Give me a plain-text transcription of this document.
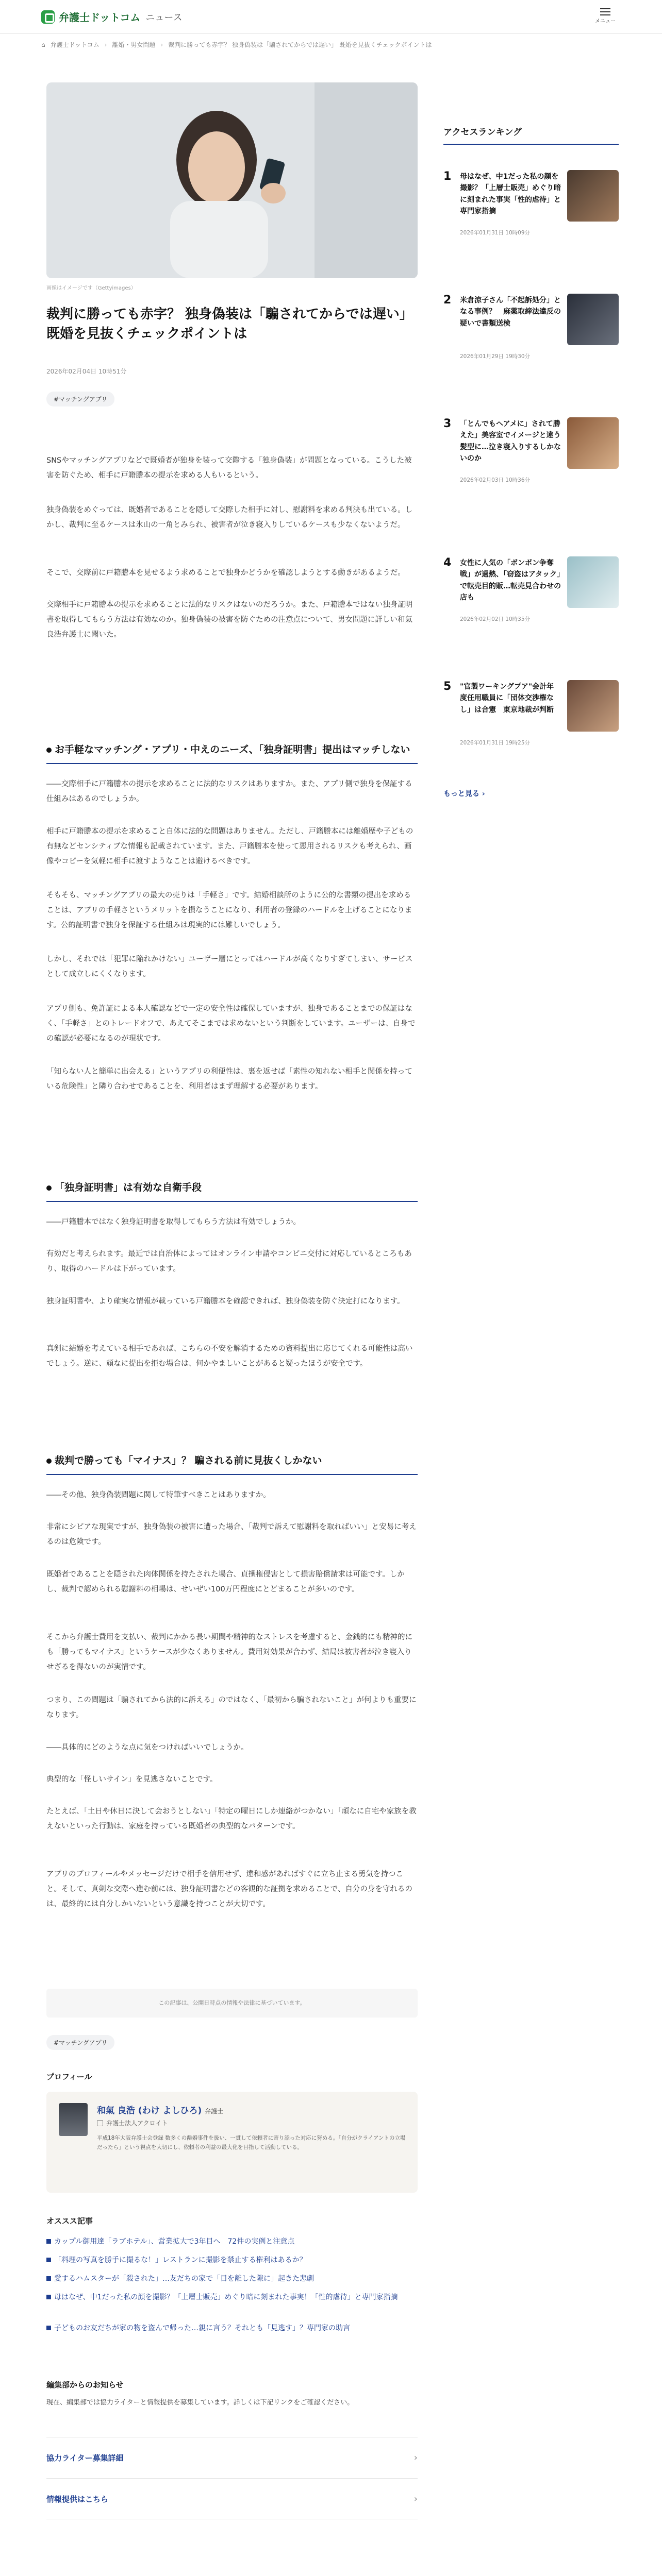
弁護士ドットコム ニュース	メニュー
⌂ 弁護士ドットコム › 離婚・男女問題 › 裁判に勝っても赤字？ 独身偽装は「騙されてからでは遅い」 既婚を見抜くチェックポイントは
画像はイメージです（Gettyimages）
裁判に勝っても赤字？ 独身偽装は「騙されてからでは遅い」 既婚を見抜くチェックポイントは
2026年02月04日 10時51分
#マッチングアプリ
SNSやマッチングアプリなどで既婚者が独身を装って交際する「独身偽装」が問題となっている。こうした被害を防ぐため、相手に戸籍謄本の提示を求める人もいるという。
独身偽装をめぐっては、既婚者であることを隠して交際した相手に対し、慰謝料を求める判決も出ている。しかし、裁判に至るケースは氷山の一角とみられ、被害者が泣き寝入りしているケースも少なくないようだ。
そこで、交際前に戸籍謄本を見せるよう求めることで独身かどうかを確認しようとする動きがあるようだ。
交際相手に戸籍謄本の提示を求めることに法的なリスクはないのだろうか。また、戸籍謄本ではない独身証明書を取得してもらう方法は有効なのか。独身偽装の被害を防ぐための注意点について、男女問題に詳しい和氣良浩弁護士に聞いた。
お手軽なマッチング・アプリ・中えのニーズ、「独身証明書」提出はマッチしない
――交際相手に戸籍謄本の提示を求めることに法的なリスクはありますか。また、アプリ側で独身を保証する仕組みはあるのでしょうか。
相手に戸籍謄本の提示を求めること自体に法的な問題はありません。ただし、戸籍謄本には離婚歴や子どもの有無などセンシティブな情報も記載されています。また、戸籍謄本を使って悪用されるリスクも考えられ、画像やコピーを気軽に相手に渡すようなことは避けるべきです。
そもそも、マッチングアプリの最大の売りは「手軽さ」です。結婚相談所のように公的な書類の提出を求めることは、アプリの手軽さというメリットを損なうことになり、利用者の登録のハードルを上げることになります。公的証明書で独身を保証する仕組みは現実的には難しいでしょう。
しかし、それでは「犯罪に陥れかけない」ユーザー層にとってはハードルが高くなりすぎてしまい、サービスとして成立しにくくなります。
アプリ側も、免許証による本人確認などで一定の安全性は確保していますが、独身であることまでの保証はなく、「手軽さ」とのトレードオフで、あえてそこまでは求めないという判断をしています。ユーザーは、自身での確認が必要になるのが現状です。
「知らない人と簡単に出会える」というアプリの利便性は、裏を返せば「素性の知れない相手と関係を持っている危険性」と隣り合わせであることを、利用者はまず理解する必要があります。
「独身証明書」は有効な自衛手段
――戸籍謄本ではなく独身証明書を取得してもらう方法は有効でしょうか。
有効だと考えられます。最近では自治体によってはオンライン申請やコンビニ交付に対応しているところもあり、取得のハードルは下がっています。
独身証明書や、より確実な情報が載っている戸籍謄本を確認できれば、独身偽装を防ぐ決定打になります。
真剣に結婚を考えている相手であれば、こちらの不安を解消するための資料提出に応じてくれる可能性は高いでしょう。逆に、頑なに提出を拒む場合は、何かやましいことがあると疑ったほうが安全です。
裁判で勝っても「マイナス」？ 騙される前に見抜くしかない
――その他、独身偽装問題に関して特筆すべきことはありますか。
非常にシビアな現実ですが、独身偽装の被害に遭った場合、「裁判で訴えて慰謝料を取ればいい」と安易に考えるのは危険です。
既婚者であることを隠された肉体関係を持たされた場合、貞操権侵害として損害賠償請求は可能です。しかし、裁判で認められる慰謝料の相場は、せいぜい100万円程度にとどまることが多いのです。
そこから弁護士費用を支払い、裁判にかかる長い期間や精神的なストレスを考慮すると、金銭的にも精神的にも「勝ってもマイナス」というケースが少なくありません。費用対効果が合わず、結局は被害者が泣き寝入りせざるを得ないのが実情です。
つまり、この問題は「騙されてから法的に訴える」のではなく、「最初から騙されないこと」が何よりも重要になります。
――具体的にどのような点に気をつければいいでしょうか。
典型的な「怪しいサイン」を見逃さないことです。
たとえば、「土日や休日に決して会おうとしない」「特定の曜日にしか連絡がつかない」「頑なに自宅や家族を教えないといった行動は、家庭を持っている既婚者の典型的なパターンです。
アプリのプロフィールやメッセージだけで相手を信用せず、違和感があればすぐに立ち止まる勇気を持つこと。そして、真剣な交際へ進む前には、独身証明書などの客観的な証拠を求めることで、自分の身を守れるのは、最終的には自分しかいないという意識を持つことが大切です。
この記事は、公開日時点の情報や法律に基づいています。
#マッチングアプリ
プロフィール
和氣 良浩 (わけ よしひろ) 弁護士
弁護士法人アクロイト
平成18年大阪弁護士会登録 数多くの離婚事件を扱い、一貫して依頼者に寄り添った対応に努める。「自分がクライアントの立場だったら」という視点を大切にし、依頼者の利益の最大化を目指して活動している。
オススス記事
カップル御用達「ラブホテル」、営業拡大で3年目へ　72件の実例と注意点
「料理の写真を勝手に撮るな！」レストランに撮影を禁止する権利はあるか？
愛するハムスターが「殺された」…友だちの家で「目を離した隙に」起きた悲劇
母はなぜ、中1だった私の顔を撮影？「上層士販売」めぐり暗に刻まれた事実！「性的虐待」と専門家指摘
子どものお友だちが家の物を盗んで帰った…親に言う？それとも「見逃す」？専門家の助言
編集部からのお知らせ
現在、編集部では協力ライターと情報提供を募集しています。詳しくは下記リンクをご確認ください。
協力ライター募集詳細	›
情報提供はこちら	›
アクセスランキング
1 母はなぜ、中1だった私の顔を撮影？「上層士販売」めぐり暗に刻まれた事実「性的虐待」と専門家指摘
2026年01月31日 10時09分
2 米倉涼子さん「不起訴処分」となる事例？　麻薬取締法違反の疑いで書類送検
2026年01月29日 19時30分
3 「とんでもヘアメに」されて勝えた」美容室でイメージと違う髪型に…泣き寝入りするしかないのか
2026年02月03日 10時36分
4 女性に人気の「ボンボン争奪戦」が過熱、「窃盗はアタック」で転売目的販…転売見合わせの店も
2026年02月02日 10時35分
5 "官製ワーキングプア"会計年度任用職員に「団体交渉権なし」は合憲　東京地裁が判断
2026年01月31日 19時25分
もっと見る ›
